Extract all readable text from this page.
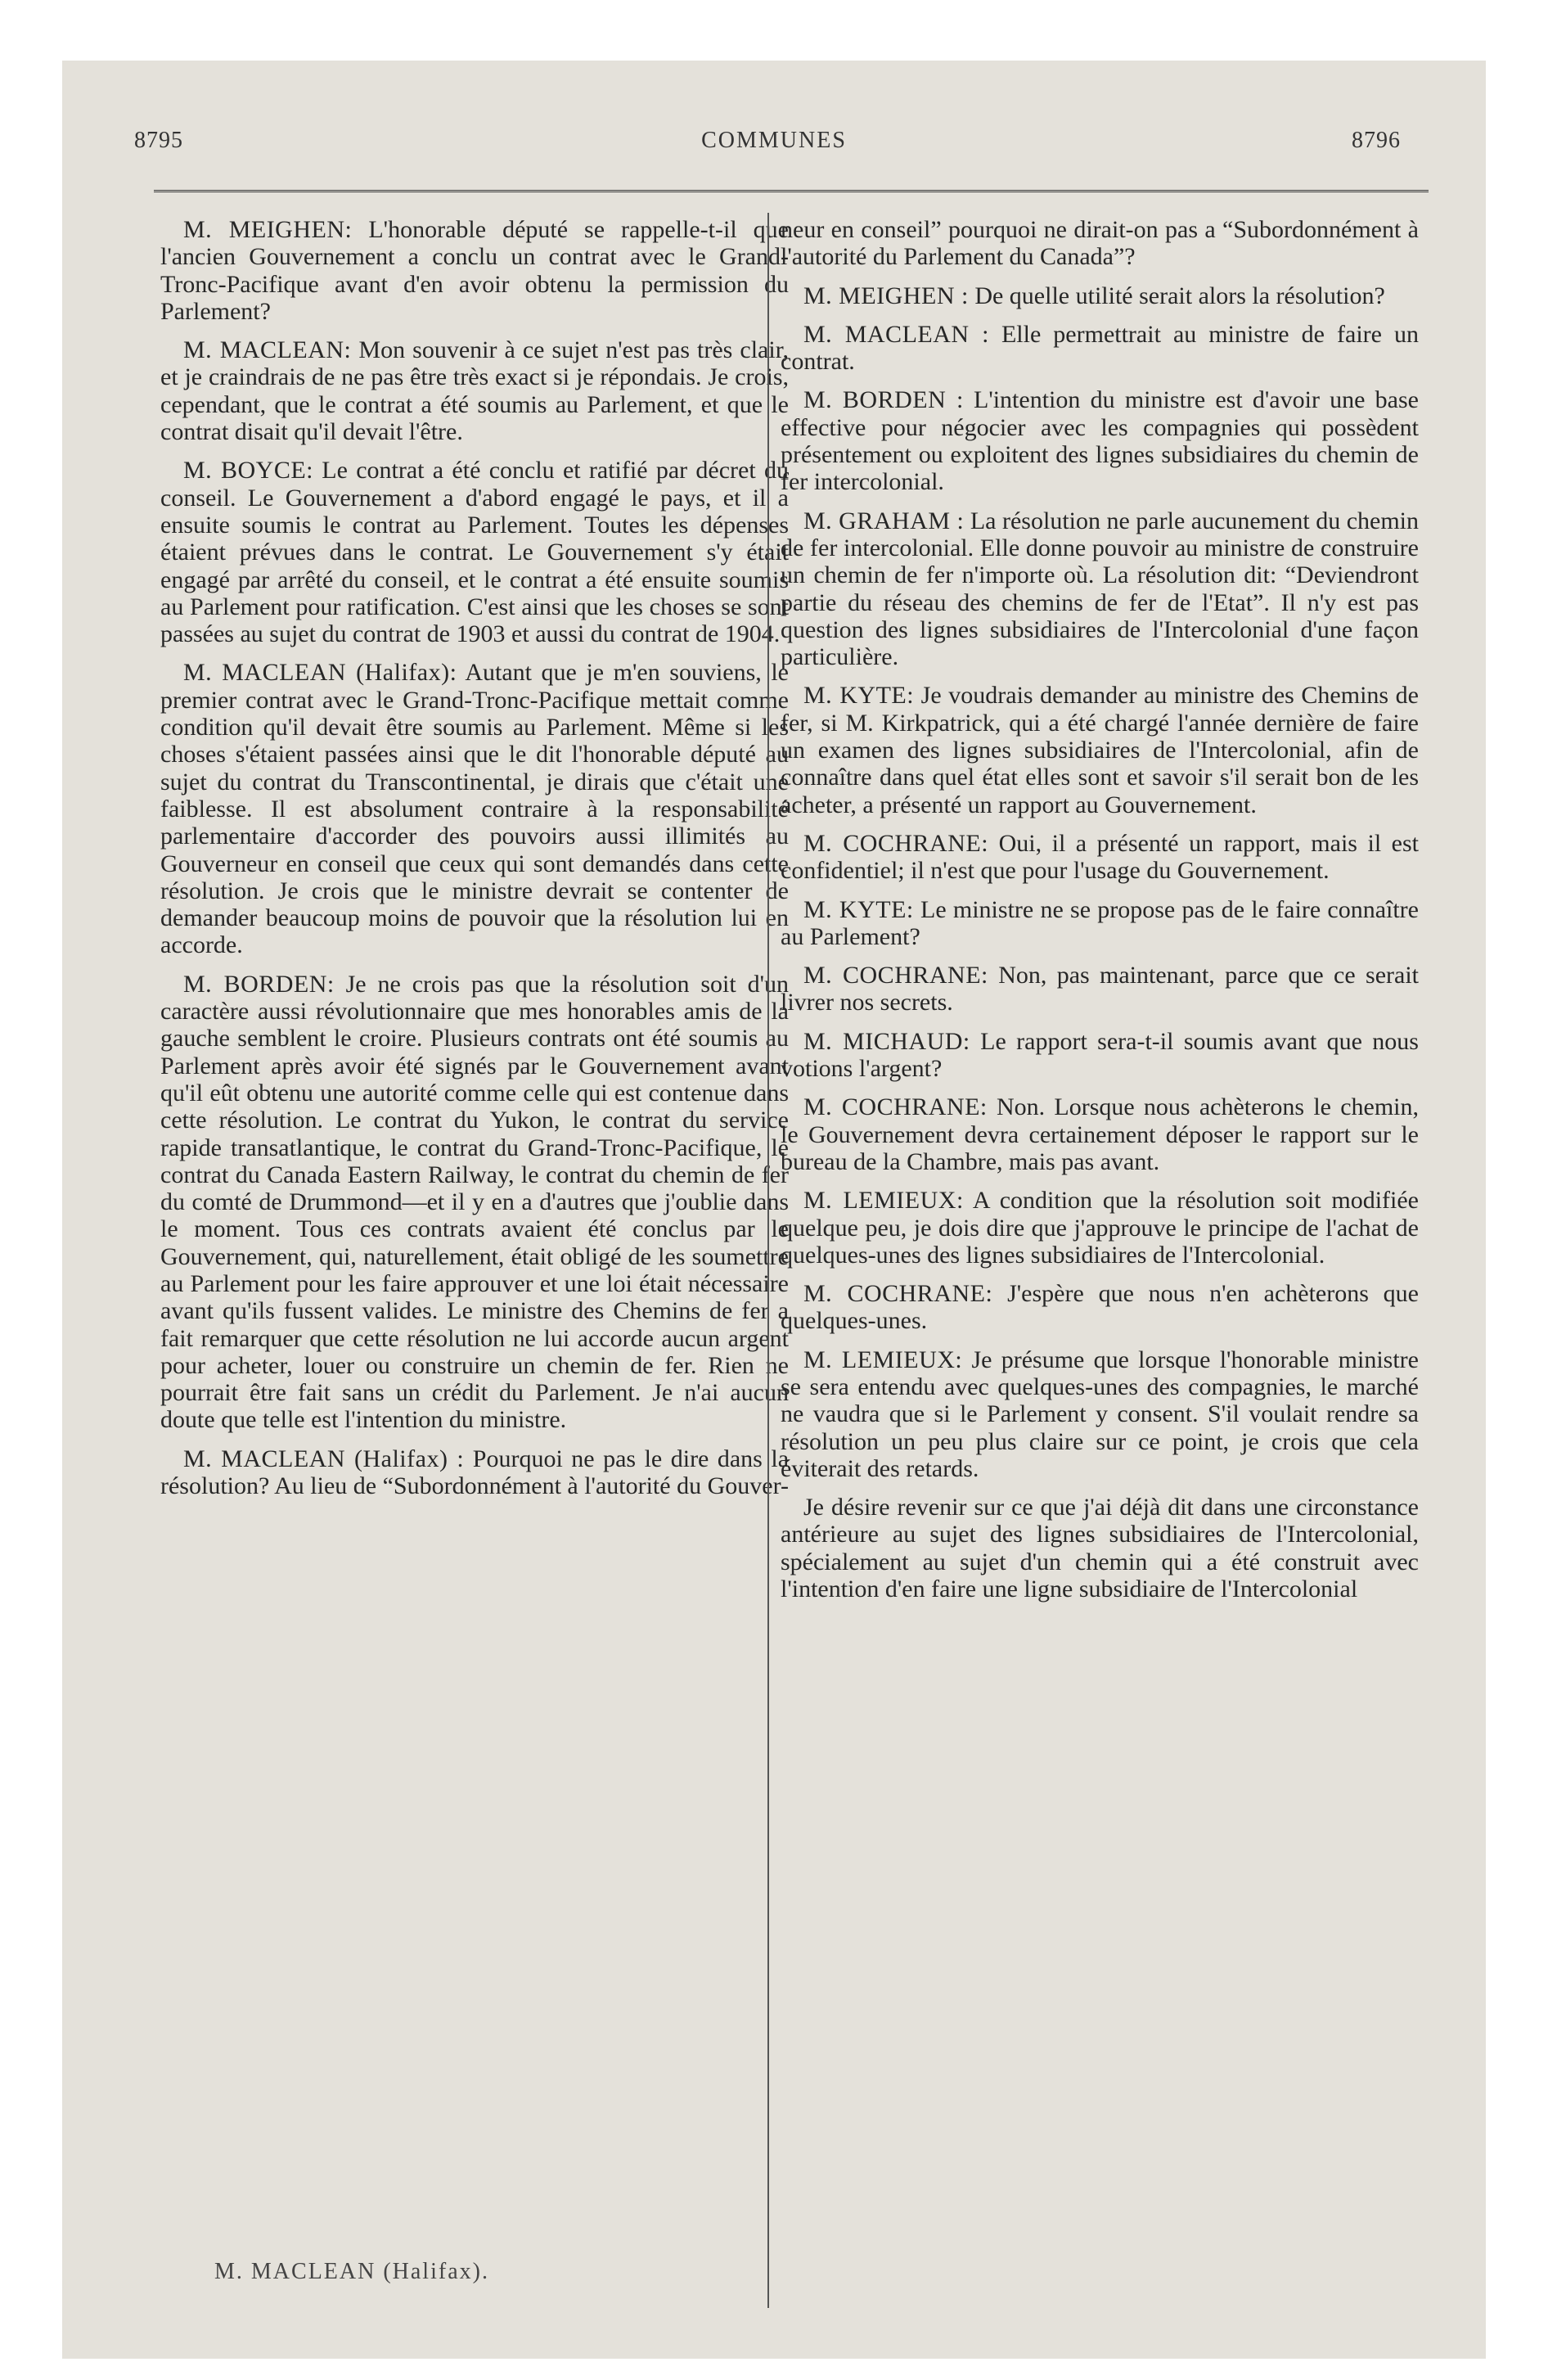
8795	COMMUNES	8796

M. MEIGHEN: L'honorable député se rappelle-t-il que l'ancien Gouvernement a conclu un contrat avec le Grand-Tronc-Pacifique avant d'en avoir obtenu la permission du Parlement?

M. MACLEAN: Mon souvenir à ce sujet n'est pas très clair, et je craindrais de ne pas être très exact si je répondais. Je crois, cependant, que le contrat a été soumis au Parlement, et que le contrat disait qu'il devait l'être.

M. BOYCE: Le contrat a été conclu et ratifié par décret du conseil. Le Gouvernement a d'abord engagé le pays, et il a ensuite soumis le contrat au Parlement. Toutes les dépenses étaient prévues dans le contrat. Le Gouvernement s'y était engagé par arrêté du conseil, et le contrat a été ensuite soumis au Parlement pour ratification. C'est ainsi que les choses se sont passées au sujet du contrat de 1903 et aussi du contrat de 1904.

M. MACLEAN (Halifax): Autant que je m'en souviens, le premier contrat avec le Grand-Tronc-Pacifique mettait comme condition qu'il devait être soumis au Parlement. Même si les choses s'étaient passées ainsi que le dit l'honorable député au sujet du contrat du Transcontinental, je dirais que c'était une faiblesse. Il est absolument contraire à la responsabilité parlementaire d'accorder des pouvoirs aussi illimités au Gouverneur en conseil que ceux qui sont demandés dans cette résolution. Je crois que le ministre devrait se contenter de demander beaucoup moins de pouvoir que la résolution lui en accorde.

M. BORDEN: Je ne crois pas que la résolution soit d'un caractère aussi révolutionnaire que mes honorables amis de la gauche semblent le croire. Plusieurs contrats ont été soumis au Parlement après avoir été signés par le Gouvernement avant qu'il eût obtenu une autorité comme celle qui est contenue dans cette résolution. Le contrat du Yukon, le contrat du service rapide transatlantique, le contrat du Grand-Tronc-Pacifique, le contrat du Canada Eastern Railway, le contrat du chemin de fer du comté de Drummond—et il y en a d'autres que j'oublie dans le moment. Tous ces contrats avaient été conclus par le Gouvernement, qui, naturellement, était obligé de les soumettre au Parlement pour les faire approuver et une loi était nécessaire avant qu'ils fussent valides. Le ministre des Chemins de fer a fait remarquer que cette résolution ne lui accorde aucun argent pour acheter, louer ou construire un chemin de fer. Rien ne pourrait être fait sans un crédit du Parlement. Je n'ai aucun doute que telle est l'intention du ministre.

M. MACLEAN (Halifax) : Pourquoi ne pas le dire dans la résolution? Au lieu de “Subordonnément à l'autorité du Gouver-

neur en conseil” pourquoi ne dirait-on pas a “Subordonnément à l'autorité du Parlement du Canada”?

M. MEIGHEN : De quelle utilité serait alors la résolution?

M. MACLEAN : Elle permettrait au ministre de faire un contrat.

M. BORDEN : L'intention du ministre est d'avoir une base effective pour négocier avec les compagnies qui possèdent présentement ou exploitent des lignes subsidiaires du chemin de fer intercolonial.

M. GRAHAM : La résolution ne parle aucunement du chemin de fer intercolonial. Elle donne pouvoir au ministre de construire un chemin de fer n'importe où. La résolution dit: “Deviendront partie du réseau des chemins de fer de l'Etat”. Il n'y est pas question des lignes subsidiaires de l'Intercolonial d'une façon particulière.

M. KYTE: Je voudrais demander au ministre des Chemins de fer, si M. Kirkpatrick, qui a été chargé l'année dernière de faire un examen des lignes subsidiaires de l'Intercolonial, afin de connaître dans quel état elles sont et savoir s'il serait bon de les acheter, a présenté un rapport au Gouvernement.

M. COCHRANE: Oui, il a présenté un rapport, mais il est confidentiel; il n'est que pour l'usage du Gouvernement.

M. KYTE: Le ministre ne se propose pas de le faire connaître au Parlement?

M. COCHRANE: Non, pas maintenant, parce que ce serait livrer nos secrets.

M. MICHAUD: Le rapport sera-t-il soumis avant que nous votions l'argent?

M. COCHRANE: Non. Lorsque nous achèterons le chemin, le Gouvernement devra certainement déposer le rapport sur le bureau de la Chambre, mais pas avant.

M. LEMIEUX: A condition que la résolution soit modifiée quelque peu, je dois dire que j'approuve le principe de l'achat de quelques-unes des lignes subsidiaires de l'Intercolonial.

M. COCHRANE: J'espère que nous n'en achèterons que quelques-unes.

M. LEMIEUX: Je présume que lorsque l'honorable ministre se sera entendu avec quelques-unes des compagnies, le marché ne vaudra que si le Parlement y consent. S'il voulait rendre sa résolution un peu plus claire sur ce point, je crois que cela éviterait des retards.

Je désire revenir sur ce que j'ai déjà dit dans une circonstance antérieure au sujet des lignes subsidiaires de l'Intercolonial, spécialement au sujet d'un chemin qui a été construit avec l'intention d'en faire une ligne subsidiaire de l'Intercolonial

M. MACLEAN (Halifax).
